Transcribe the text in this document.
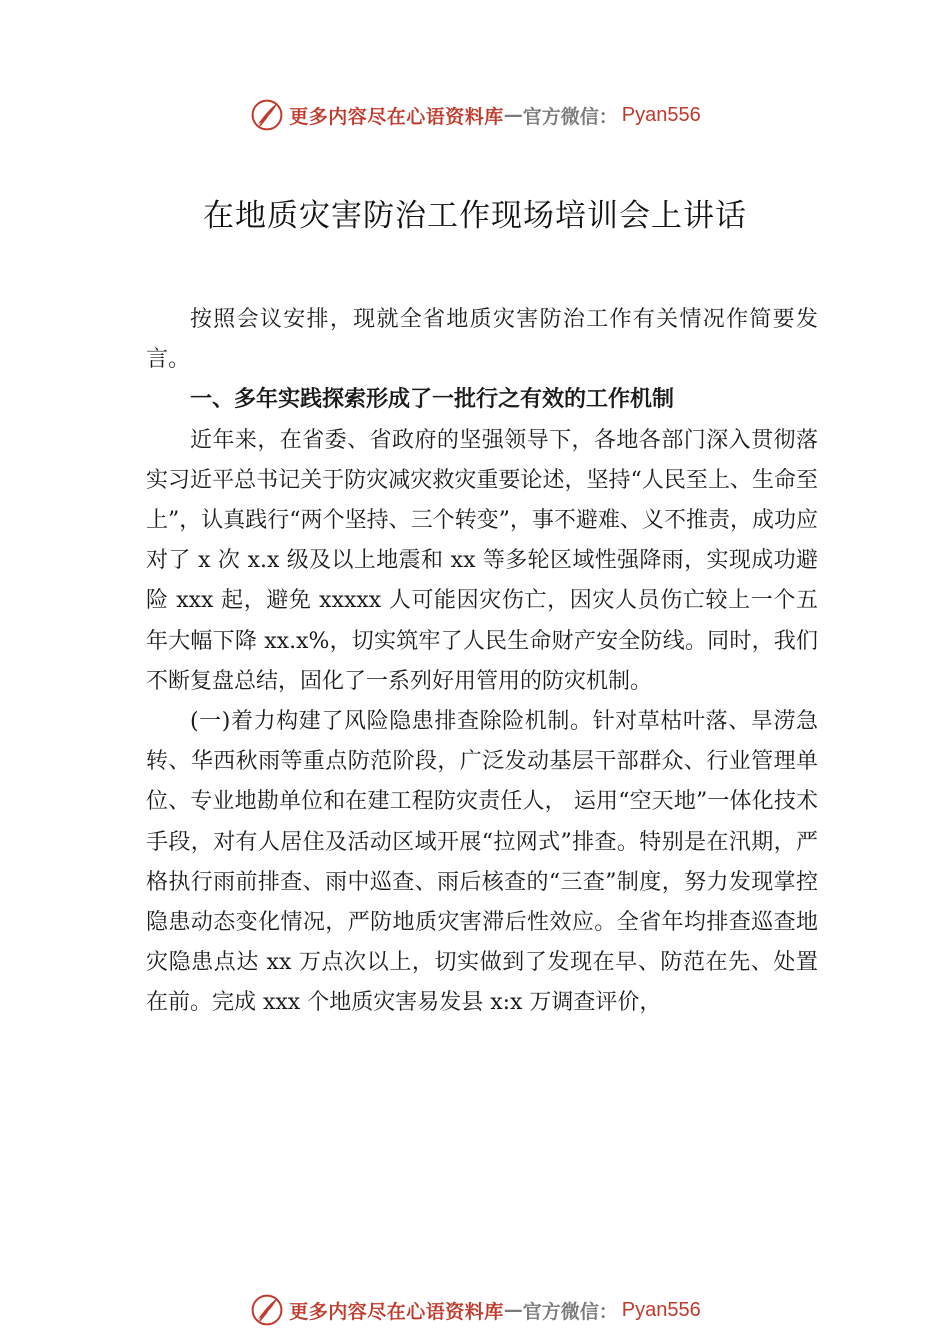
更多内容尽在心语资料库 — 官方微信： Pyan556
在地质灾害防治工作现场培训会上讲话

按照会议安排，现就全省地质灾害防治工作有关情况作简要发言。

一、多年实践探索形成了一批行之有效的工作机制

近年来，在省委、省政府的坚强领导下，各地各部门深入贯彻落实习近平总书记关于防灾减灾救灾重要论述，坚持“人民至上、生命至上”，认真践行“两个坚持、三个转变”，事不避难、义不推责，成功应对了 x 次 x.x 级及以上地震和 xx 等多轮区域性强降雨，实现成功避险 xxx 起，避免 xxxxx 人可能因灾伤亡，因灾人员伤亡较上一个五年大幅下降 xx.x%，切实筑牢了人民生命财产安全防线。同时，我们不断复盘总结，固化了一系列好用管用的防灾机制。

(一)着力构建了风险隐患排查除险机制。针对草枯叶落、旱涝急转、华西秋雨等重点防范阶段，广泛发动基层干部群众、行业管理单位、专业地勘单位和在建工程防灾责任人， 运用“空天地”一体化技术手段，对有人居住及活动区域开展“拉网式”排查。特别是在汛期，严格执行雨前排查、雨中巡查、雨后核查的“三查”制度，努力发现掌控隐患动态变化情况，严防地质灾害滞后性效应。全省年均排查巡查地灾隐患点达 xx 万点次以上，切实做到了发现在早、防范在先、处置在前。完成 xxx 个地质灾害易发县 x:x 万调查评价，

更多内容尽在心语资料库 — 官方微信： Pyan556
